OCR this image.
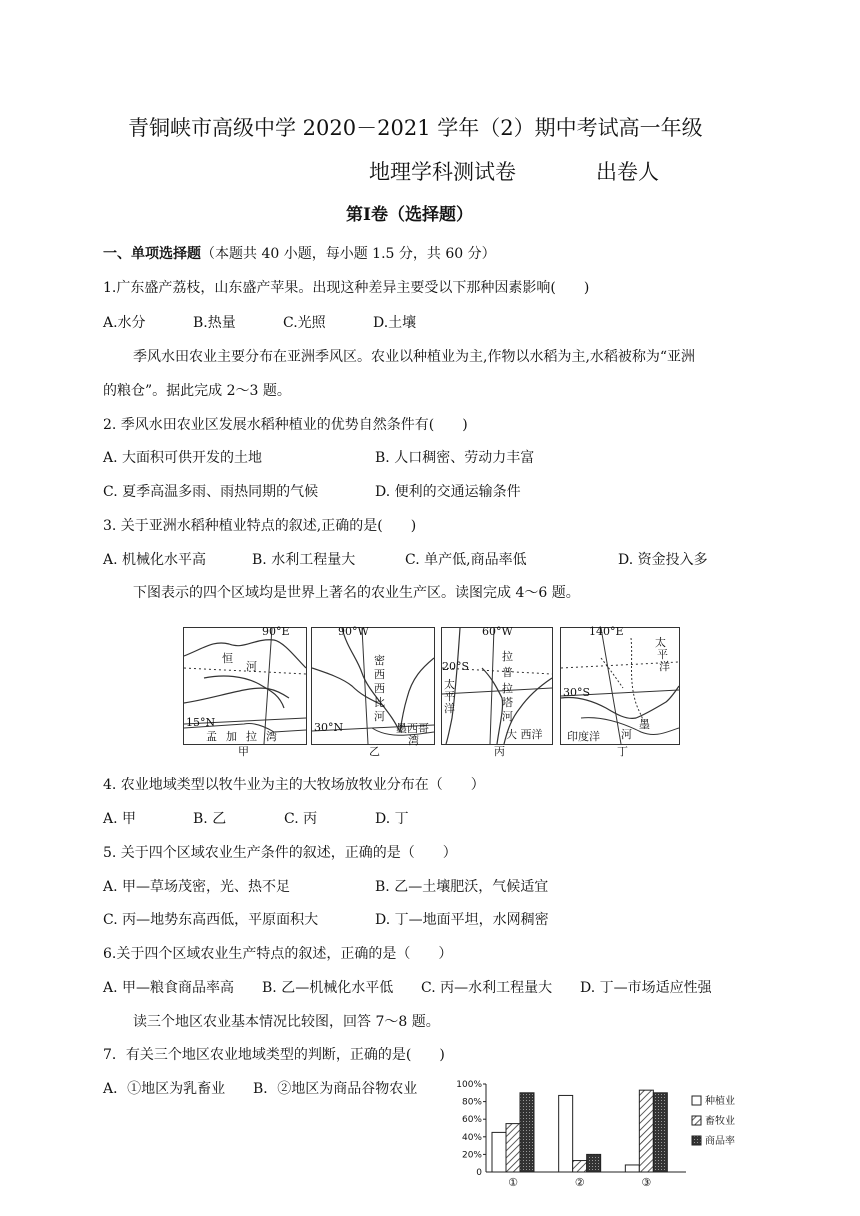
青铜峡市高级中学 2020－2021 学年（2）期中考试高一年级
地理学科测试卷	出卷人
第Ⅰ卷（选择题）
一、单项选择题（本题共 40 小题，每小题 1.5 分，共 60 分）
1.广东盛产荔枝，山东盛产苹果。出现这种差异主要受以下那种因素影响(　　)
A.水分	B.热量	C.光照	D.土壤
季风水田农业主要分布在亚洲季风区。农业以种植业为主,作物以水稻为主,水稻被称为“亚洲
的粮仓”。据此完成 2～3 题。
2. 季风水田农业区发展水稻种植业的优势自然条件有(　　)
A. 大面积可供开发的土地	B. 人口稠密、劳动力丰富
C. 夏季高温多雨、雨热同期的气候	D. 便利的交通运输条件
3. 关于亚洲水稻种植业特点的叙述,正确的是(　　)
A. 机械化水平高	B. 水利工程量大	C. 单产低,商品率低	D. 资金投入多
下图表示的四个区域均是世界上著名的农业生产区。读图完成 4～6 题。
90°E
恒
河
15°N
孟 加 拉 湾
甲
90°W
密
西
西
比
河
30°N	墨西哥
湾
乙
60°W
20°S
太
平
洋
拉
普
拉
塔
河
大 西洋
丙
140°E
太
平
洋
30°S
墨
河
印度洋
丁
4. 农业地域类型以牧牛业为主的大牧场放牧业分布在（　　）
A. 甲	B. 乙	C. 丙	D. 丁
5. 关于四个区域农业生产条件的叙述，正确的是（　　）
A. 甲—草场茂密，光、热不足	B. 乙—土壤肥沃，气候适宜
C. 丙—地势东高西低，平原面积大	D. 丁—地面平坦，水网稠密
6.关于四个区域农业生产特点的叙述，正确的是（　　）
A. 甲—粮食商品率高 B. 乙—机械化水平低 C. 丙—水利工程量大 D. 丁—市场适应性强
读三个地区农业基本情况比较图，回答 7～8 题。
7．有关三个地区农业地域类型的判断，正确的是(　　)
A．①地区为乳畜业 B．②地区为商品谷物农业
0
20%
40%
60%
80%
100%
①	②	③
种植业
畜牧业
商品率
